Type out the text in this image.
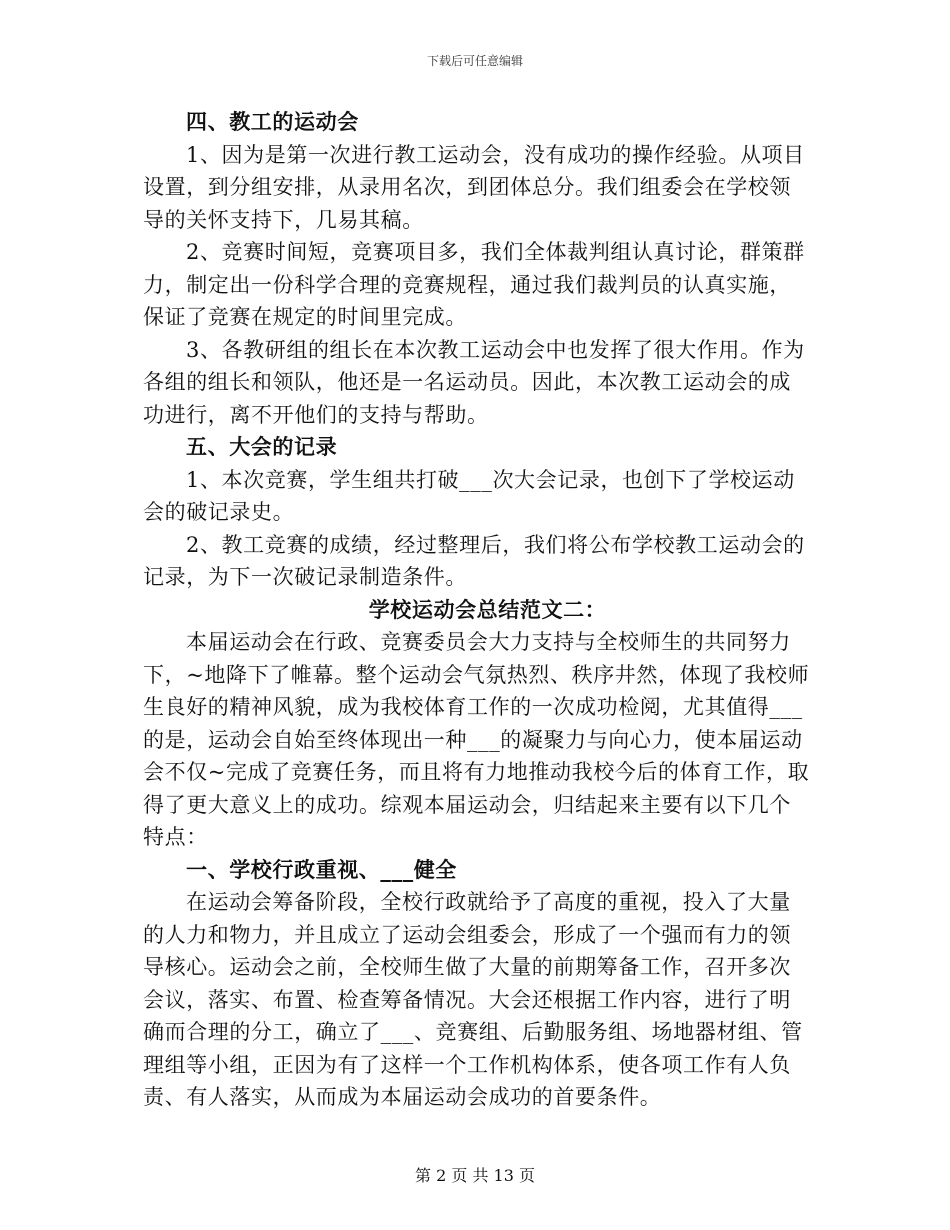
下载后可任意编辑
四、教工的运动会
1、因为是第一次进行教工运动会，没有成功的操作经验。从项目
设置，到分组安排，从录用名次，到团体总分。我们组委会在学校领
导的关怀支持下，几易其稿。
2、竞赛时间短，竞赛项目多，我们全体裁判组认真讨论，群策群
力，制定出一份科学合理的竞赛规程，通过我们裁判员的认真实施，
保证了竞赛在规定的时间里完成。
3、各教研组的组长在本次教工运动会中也发挥了很大作用。作为
各组的组长和领队，他还是一名运动员。因此，本次教工运动会的成
功进行，离不开他们的支持与帮助。
五、大会的记录
1、本次竞赛，学生组共打破___次大会记录，也创下了学校运动
会的破记录史。
2、教工竞赛的成绩，经过整理后，我们将公布学校教工运动会的
记录，为下一次破记录制造条件。
学校运动会总结范文二：
本届运动会在行政、竞赛委员会大力支持与全校师生的共同努力
下，~地降下了帷幕。整个运动会气氛热烈、秩序井然，体现了我校师
生良好的精神风貌，成为我校体育工作的一次成功检阅，尤其值得___
的是，运动会自始至终体现出一种___的凝聚力与向心力，使本届运动
会不仅~完成了竞赛任务，而且将有力地推动我校今后的体育工作，取
得了更大意义上的成功。综观本届运动会，归结起来主要有以下几个
特点：
一、学校行政重视、___健全
在运动会筹备阶段，全校行政就给予了高度的重视，投入了大量
的人力和物力，并且成立了运动会组委会，形成了一个强而有力的领
导核心。运动会之前，全校师生做了大量的前期筹备工作，召开多次
会议，落实、布置、检查筹备情况。大会还根据工作内容，进行了明
确而合理的分工，确立了___、竞赛组、后勤服务组、场地器材组、管
理组等小组，正因为有了这样一个工作机构体系，使各项工作有人负
责、有人落实，从而成为本届运动会成功的首要条件。
第 2 页 共 13 页
